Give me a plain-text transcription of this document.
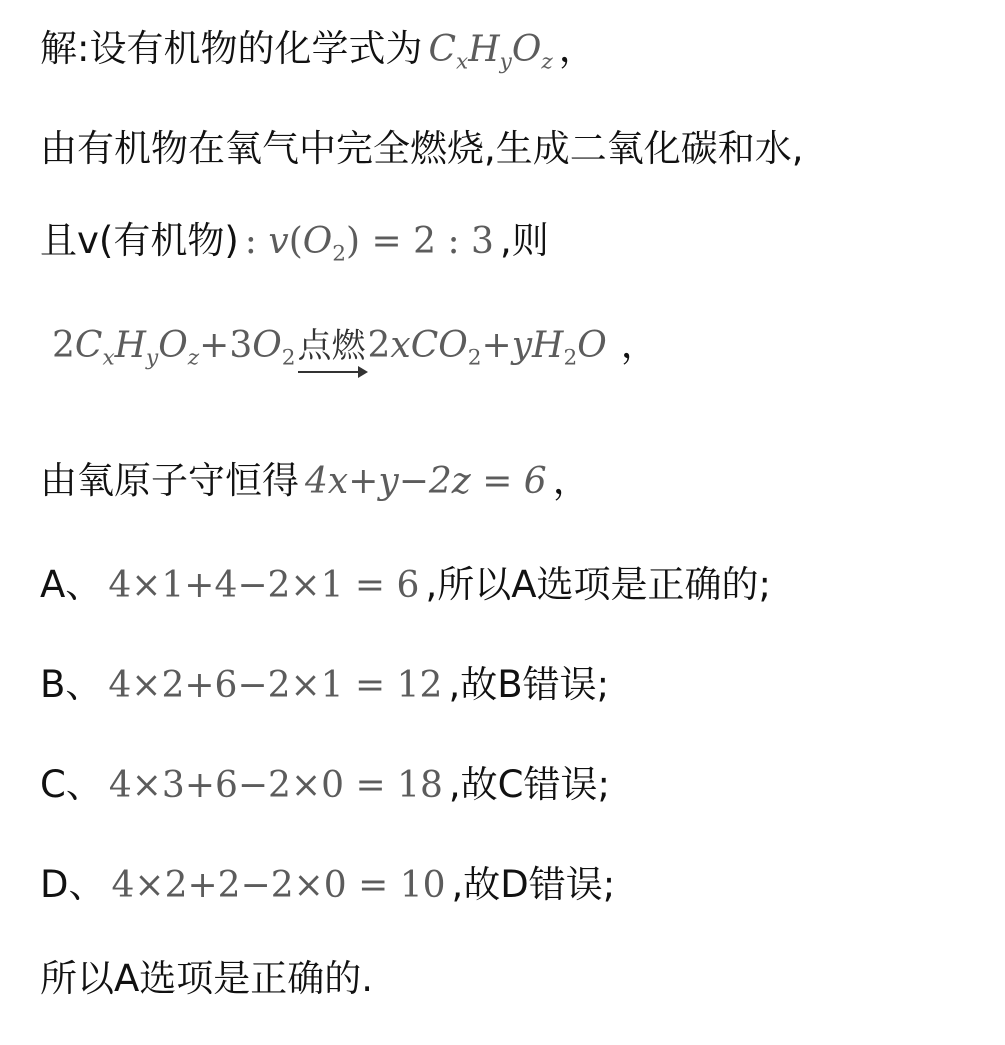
解:设有机物的化学式为 $C_xH_yO_z$ ，
由有机物在氧气中完全燃烧,生成二氧化碳和水,
且v(有机物) : $v(O_2) = 2$ : 3 ,则
$2C_xH_yO_z+3O_2$点燃
$2xCO_2+yH_2O$ ，
由氧原子守恒得 4x+y−2z = 6 ，
A、 4×1+4−2×1 = 6 ,所以A选项是正确的;
B、 4×2+6−2×1 = 12 ,故B错误;
C、 4×3+6−2×0 = 18 ,故C错误;
D、 4×2+2−2×0 = 10 ,故D错误;
所以A选项是正确的.
